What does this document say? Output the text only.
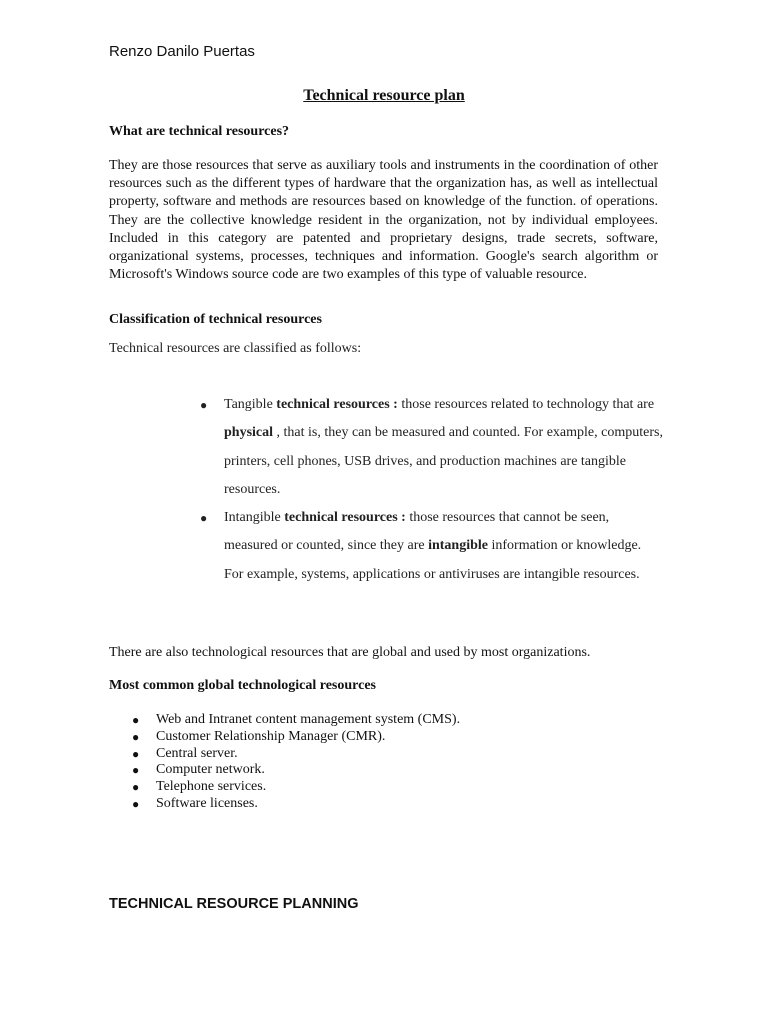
Renzo Danilo Puertas
Technical resource plan
What are technical resources?

They are those resources that serve as auxiliary tools and instruments in the coordination of other resources such as the different types of hardware that the organization has, as well as intellectual property, software and methods are resources based on knowledge of the function. of operations. They are the collective knowledge resident in the organization, not by individual employees. Included in this category are patented and proprietary designs, trade secrets, software, organizational systems, processes, techniques and information. Google's search algorithm or Microsoft's Windows source code are two examples of this type of valuable resource.

Classification of technical resources
Technical resources are classified as follows:
● Tangible technical resources : those resources related to technology that are physical , that is, they can be measured and counted. For example, computers, printers, cell phones, USB drives, and production machines are tangible resources.
● Intangible technical resources : those resources that cannot be seen, measured or counted, since they are intangible information or knowledge. For example, systems, applications or antiviruses are intangible resources.
There are also technological resources that are global and used by most organizations.
Most common global technological resources
● Web and Intranet content management system (CMS).
● Customer Relationship Manager (CMR).
● Central server.
● Computer network.
● Telephone services.
● Software licenses.
TECHNICAL RESOURCE PLANNING
